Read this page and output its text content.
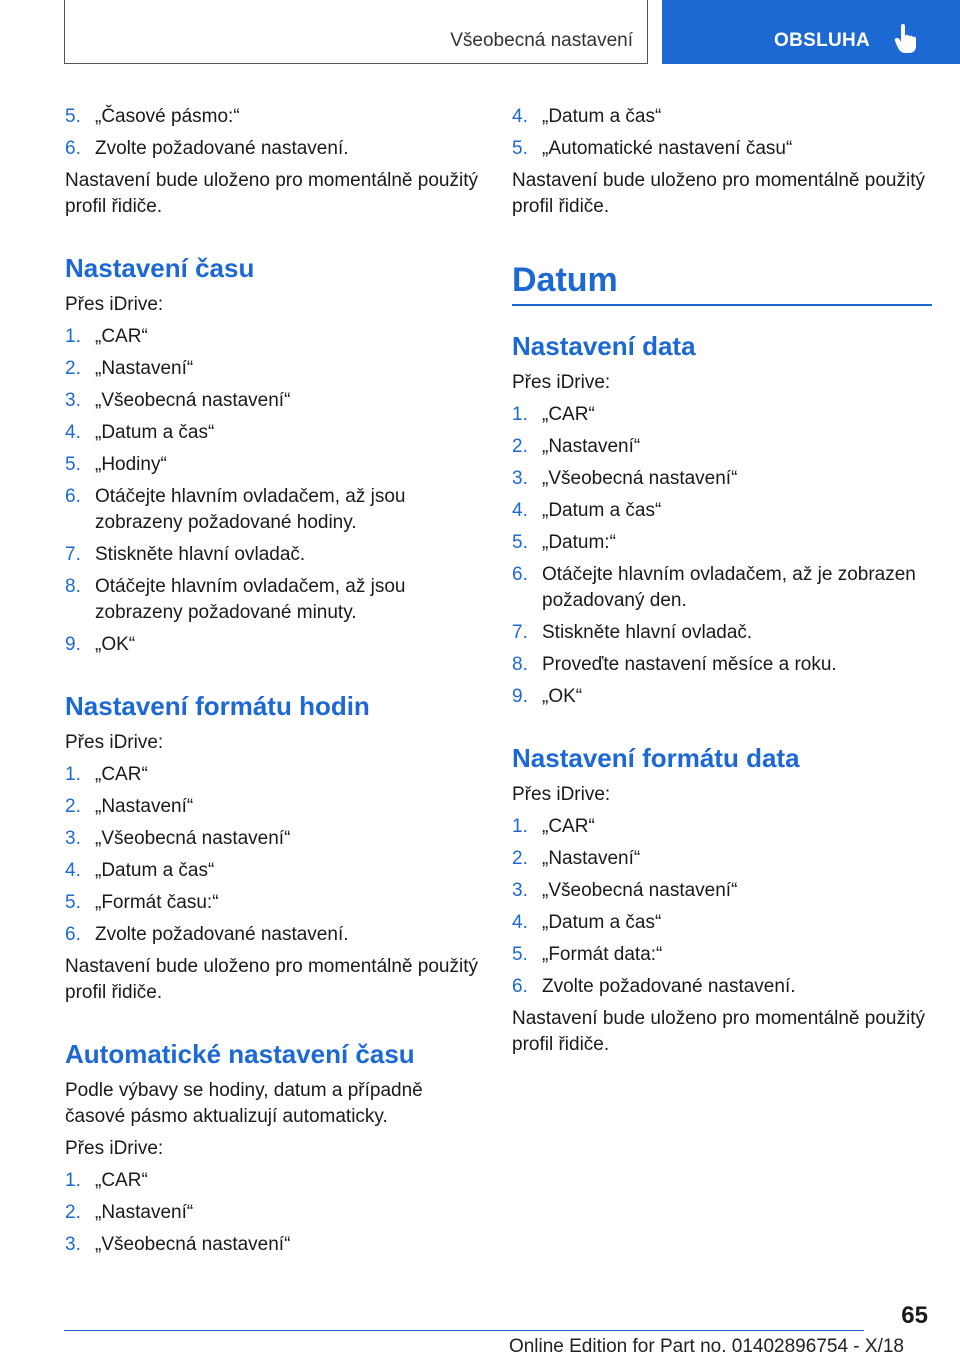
Všeobecná nastavení	OBSLUHA
5. „Časové pásmo:“
6. Zvolte požadované nastavení.

Nastavení bude uloženo pro momentálně použitý profil řidiče.

Nastavení času

Přes iDrive:

1. „CAR“
2. „Nastavení“
3. „Všeobecná nastavení“
4. „Datum a čas“
5. „Hodiny“
6. Otáčejte hlavním ovladačem, až jsou zobrazeny požadované hodiny.
7. Stiskněte hlavní ovladač.
8. Otáčejte hlavním ovladačem, až jsou zobrazeny požadované minuty.
9. „OK“
Nastavení formátu hodin

Přes iDrive:

1. „CAR“
2. „Nastavení“
3. „Všeobecná nastavení“
4. „Datum a čas“
5. „Formát času:“
6. Zvolte požadované nastavení.

Nastavení bude uloženo pro momentálně použitý profil řidiče.

Automatické nastavení času

Podle výbavy se hodiny, datum a případně časové pásmo aktualizují automaticky.

Přes iDrive:

1. „CAR“
2. „Nastavení“
3. „Všeobecná nastavení“
4. „Datum a čas“
5. „Automatické nastavení času“

Nastavení bude uloženo pro momentálně použitý profil řidiče.

Datum
Nastavení data

Přes iDrive:

1. „CAR“
2. „Nastavení“
3. „Všeobecná nastavení“
4. „Datum a čas“
5. „Datum:“
6. Otáčejte hlavním ovladačem, až je zobrazen požadovaný den.
7. Stiskněte hlavní ovladač.
8. Proveďte nastavení měsíce a roku.
9. „OK“
Nastavení formátu data

Přes iDrive:

1. „CAR“
2. „Nastavení“
3. „Všeobecná nastavení“
4. „Datum a čas“
5. „Formát data:“
6. Zvolte požadované nastavení.

Nastavení bude uloženo pro momentálně použitý profil řidiče.

65
Online Edition for Part no. 01402896754 - X/18
